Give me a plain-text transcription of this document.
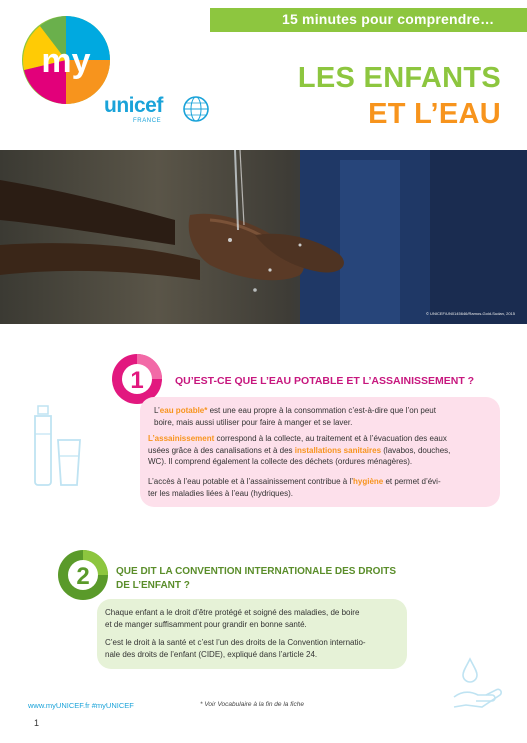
15 minutes pour comprendre…
my
unicef
FRANCE
LES ENFANTS
ET L’EAU
© UNICEF/UN0145646/Ramos-Gold-Sudan, 2015
1	QU’EST-CE QUE L’EAU POTABLE ET L’ASSAINISSEMENT ?

L’eau potable* est une eau propre à la consommation c’est-à-dire que l’on peut
boire, mais aussi utiliser pour faire à manger et se laver.

L’assainissement correspond à la collecte, au traitement et à l’évacuation des eaux
usées grâce à des canalisations et à des installations sanitaires (lavabos, douches,
WC). Il comprend également la collecte des déchets (ordures ménagères).

L’accès à l’eau potable et à l’assainissement contribue à l’hygiène et permet d’évi-
ter les maladies liées à l’eau (hydriques).

2	QUE DIT LA CONVENTION INTERNATIONALE DES DROITS
DE L’ENFANT ?

Chaque enfant a le droit d’être protégé et soigné des maladies, de boire
et de manger suffisamment pour grandir en bonne santé.

C’est le droit à la santé et c’est l’un des droits de la Convention internatio-
nale des droits de l’enfant (CIDE), expliqué dans l’article 24.

www.myUNICEF.fr #myUNICEF	* Voir Vocabulaire à la fin de la fiche
1
